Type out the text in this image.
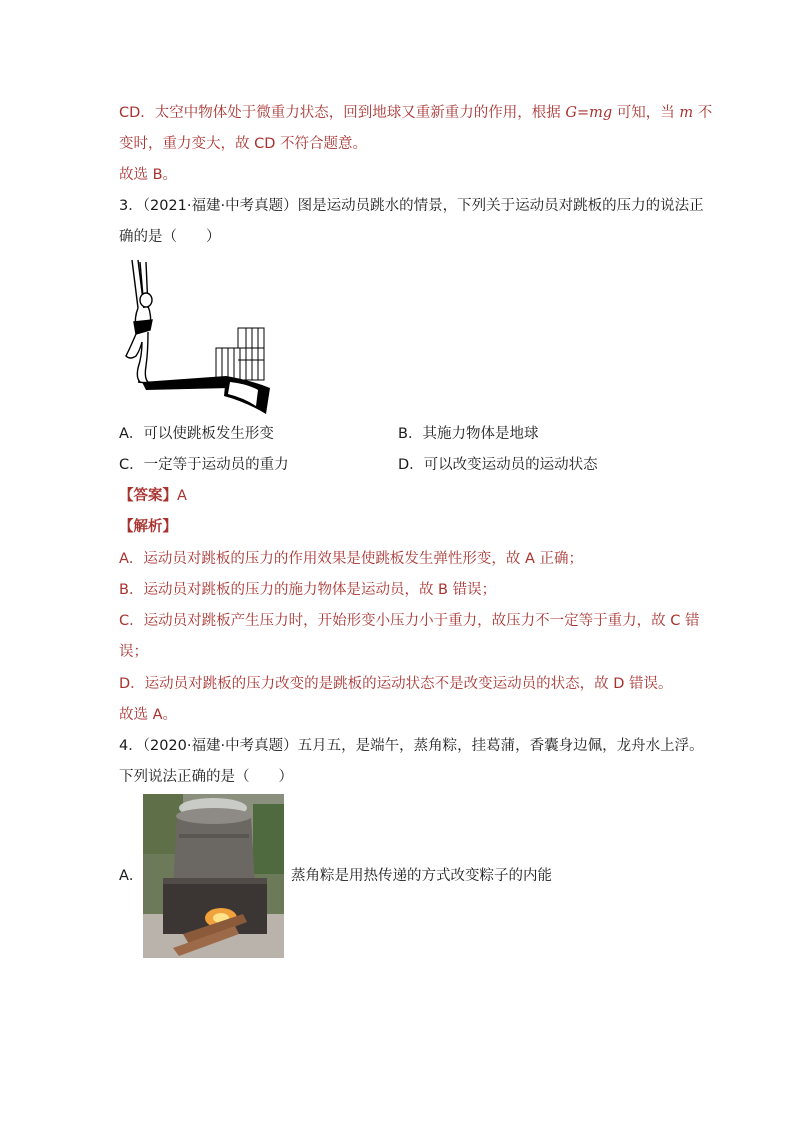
CD．太空中物体处于微重力状态，回到地球又重新重力的作用，根据 G=mg 可知，当 m 不
变时，重力变大，故 CD 不符合题意。
故选 B。
3．（2021·福建·中考真题）图是运动员跳水的情景，下列关于运动员对跳板的压力的说法正
确的是（　　）
A．可以使跳板发生形变	B．其施力物体是地球
C．一定等于运动员的重力	D．可以改变运动员的运动状态
【答案】A
【解析】
A．运动员对跳板的压力的作用效果是使跳板发生弹性形变，故 A 正确；
B．运动员对跳板的压力的施力物体是运动员，故 B 错误；
C．运动员对跳板产生压力时，开始形变小压力小于重力，故压力不一定等于重力，故 C 错
误；
D．运动员对跳板的压力改变的是跳板的运动状态不是改变运动员的状态，故 D 错误。
故选 A。
4．（2020·福建·中考真题）五月五，是端午，蒸角粽，挂葛蒲，香囊身边佩，龙舟水上浮。
下列说法正确的是（　　）
A．	蒸角粽是用热传递的方式改变粽子的内能
